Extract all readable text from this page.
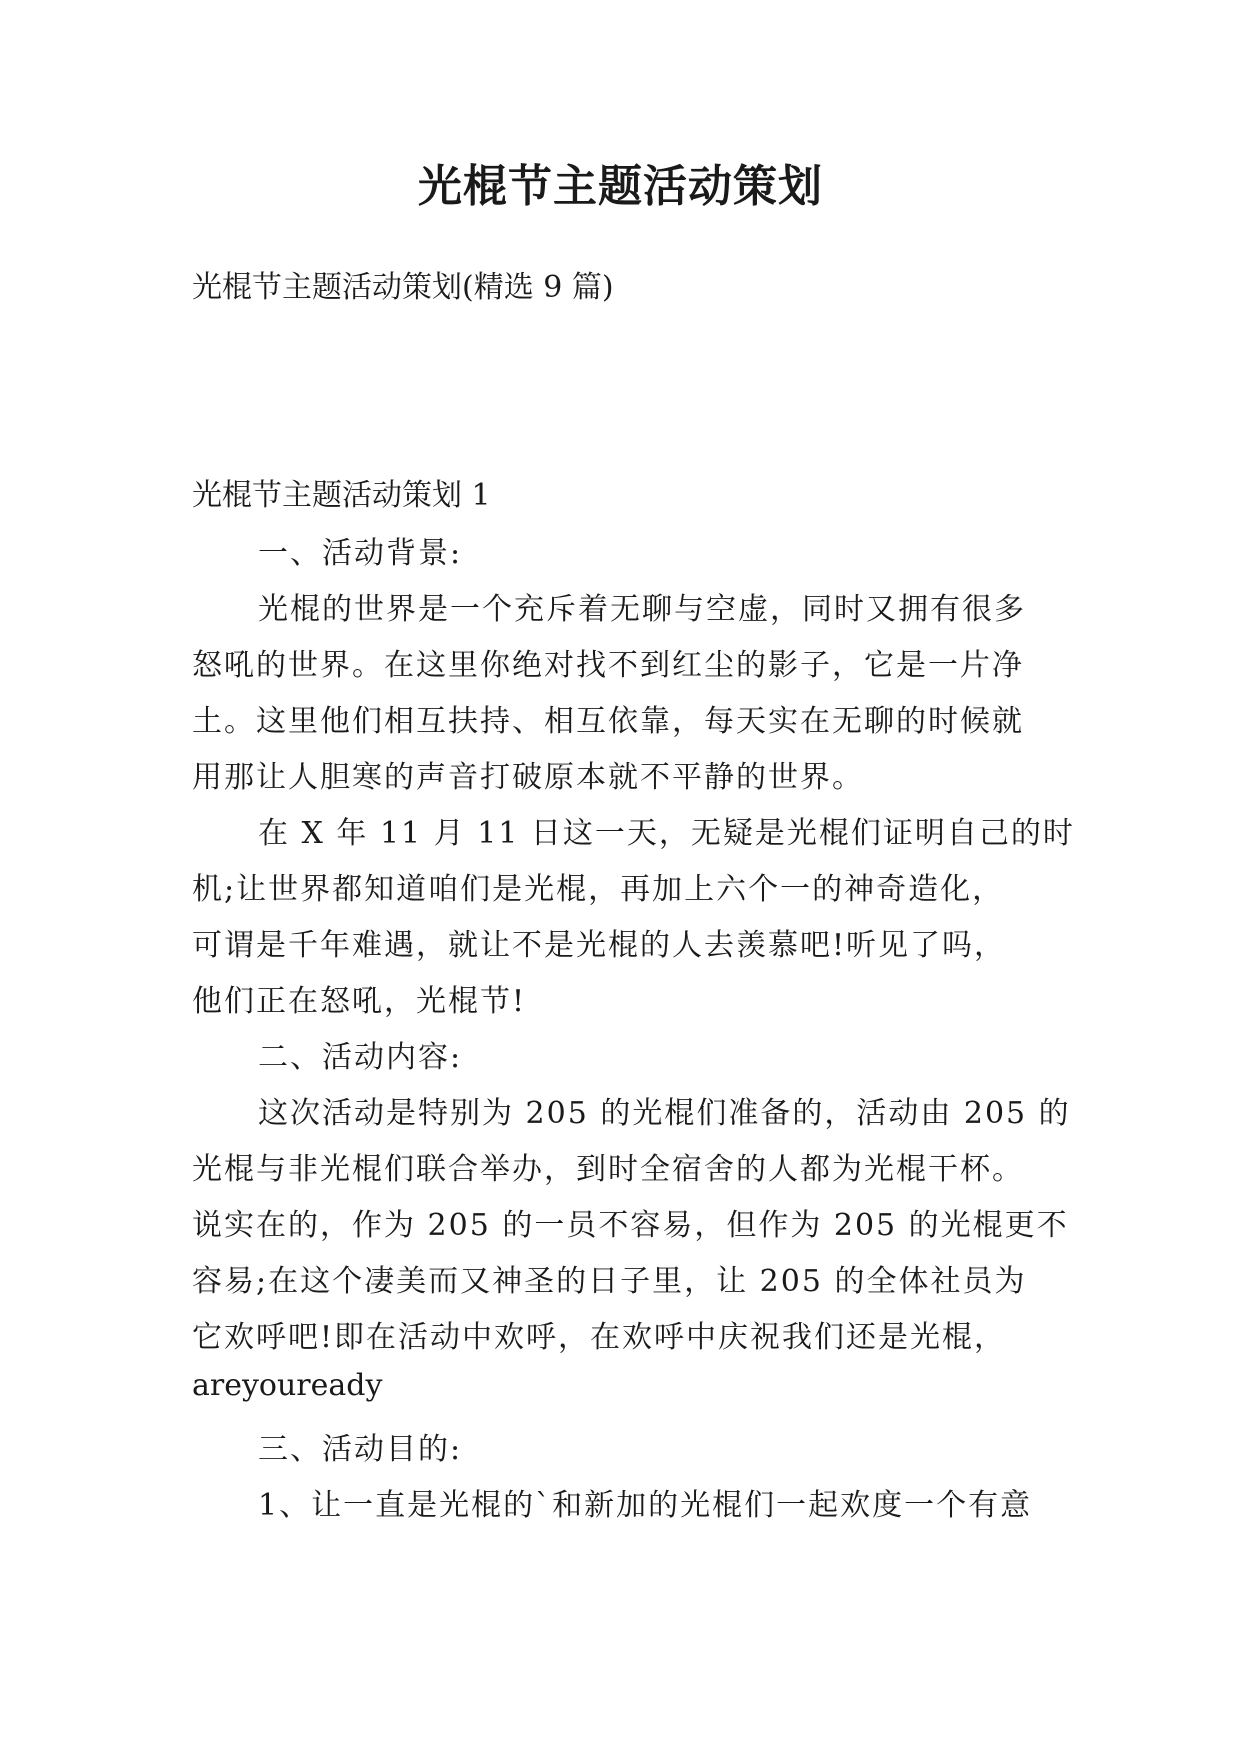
光棍节主题活动策划

光棍节主题活动策划(精选 9 篇)

光棍节主题活动策划 1

一、活动背景:

光棍的世界是一个充斥着无聊与空虚，同时又拥有很多

怒吼的世界。在这里你绝对找不到红尘的影子，它是一片净

土。这里他们相互扶持、相互依靠，每天实在无聊的时候就

用那让人胆寒的声音打破原本就不平静的世界。

在 X 年 11 月 11 日这一天，无疑是光棍们证明自己的时

机;让世界都知道咱们是光棍，再加上六个一的神奇造化，

可谓是千年难遇，就让不是光棍的人去羡慕吧!听见了吗，

他们正在怒吼，光棍节!

二、活动内容:

这次活动是特别为 205 的光棍们准备的，活动由 205 的

光棍与非光棍们联合举办，到时全宿舍的人都为光棍干杯。

说实在的，作为 205 的一员不容易，但作为 205 的光棍更不

容易;在这个凄美而又神圣的日子里，让 205 的全体社员为

它欢呼吧!即在活动中欢呼，在欢呼中庆祝我们还是光棍，

areyouready

三、活动目的:

1、让一直是光棍的`和新加的光棍们一起欢度一个有意
